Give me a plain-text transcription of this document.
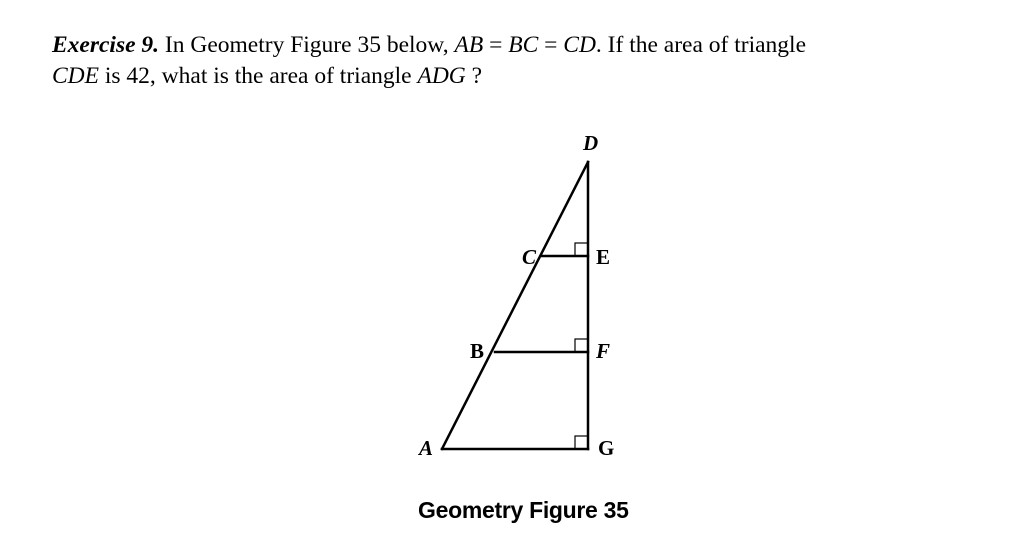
Exercise 9. In Geometry Figure 35 below, AB = BC = CD. If the area of triangle
CDE is 42, what is the area of triangle ADG ?
D
C	E
B	F
A	G
Geometry Figure 35
